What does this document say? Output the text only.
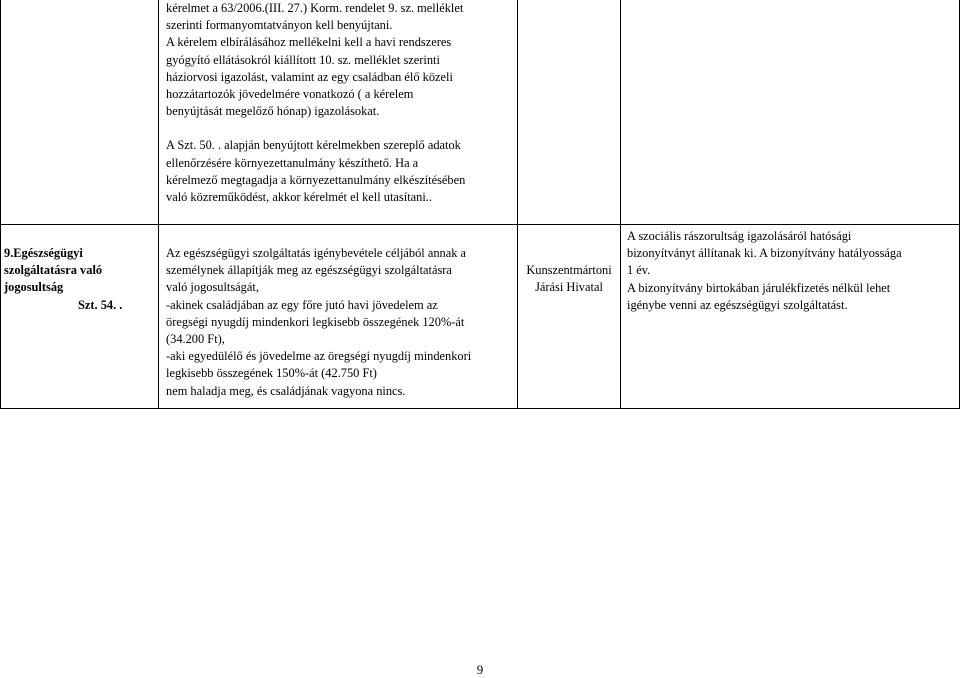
kérelmet a 63/2006.(III. 27.) Korm. rendelet 9. sz. melléklet

szerinti formanyomtatványon kell benyújtani.

A kérelem elbírálásához mellékelni kell a havi rendszeres

gyógyító ellátásokról kiállított 10. sz. melléklet szerinti

háziorvosi igazolást, valamint az egy családban élő közeli

hozzátartozók jövedelmére vonatkozó ( a kérelem

benyújtását megelőző hónap) igazolásokat.

A Szt. 50. . alapján benyújtott kérelmekben szereplő adatok

ellenőrzésére környezettanulmány készíthető. Ha a

kérelmező megtagadja a környezettanulmány elkészítésében

való közreműködést, akkor kérelmét el kell utasítani..

9.Egészségügyi

szolgáltatásra való

jogosultság

Szt. 54. .

Az egészségügyi szolgáltatás igénybevétele céljából annak a

személynek állapítják meg az egészségügyi szolgáltatásra

való jogosultságát,

-akinek családjában az egy főre jutó havi jövedelem az

öregségi nyugdíj mindenkori legkisebb összegének 120%-át

(34.200 Ft),

-aki egyedülélő és jövedelme az öregségi nyugdíj mindenkori

legkisebb összegének 150%-át (42.750 Ft)

nem haladja meg, és családjának vagyona nincs.

Kunszentmártoni

Járási Hivatal

A szociális rászorultság igazolásáról hatósági

bizonyítványt állítanak ki. A bizonyítvány hatályossága

1 év.

A bizonyítvány birtokában járulékfizetés nélkül lehet

igénybe venni az egészségügyi szolgáltatást.

9
